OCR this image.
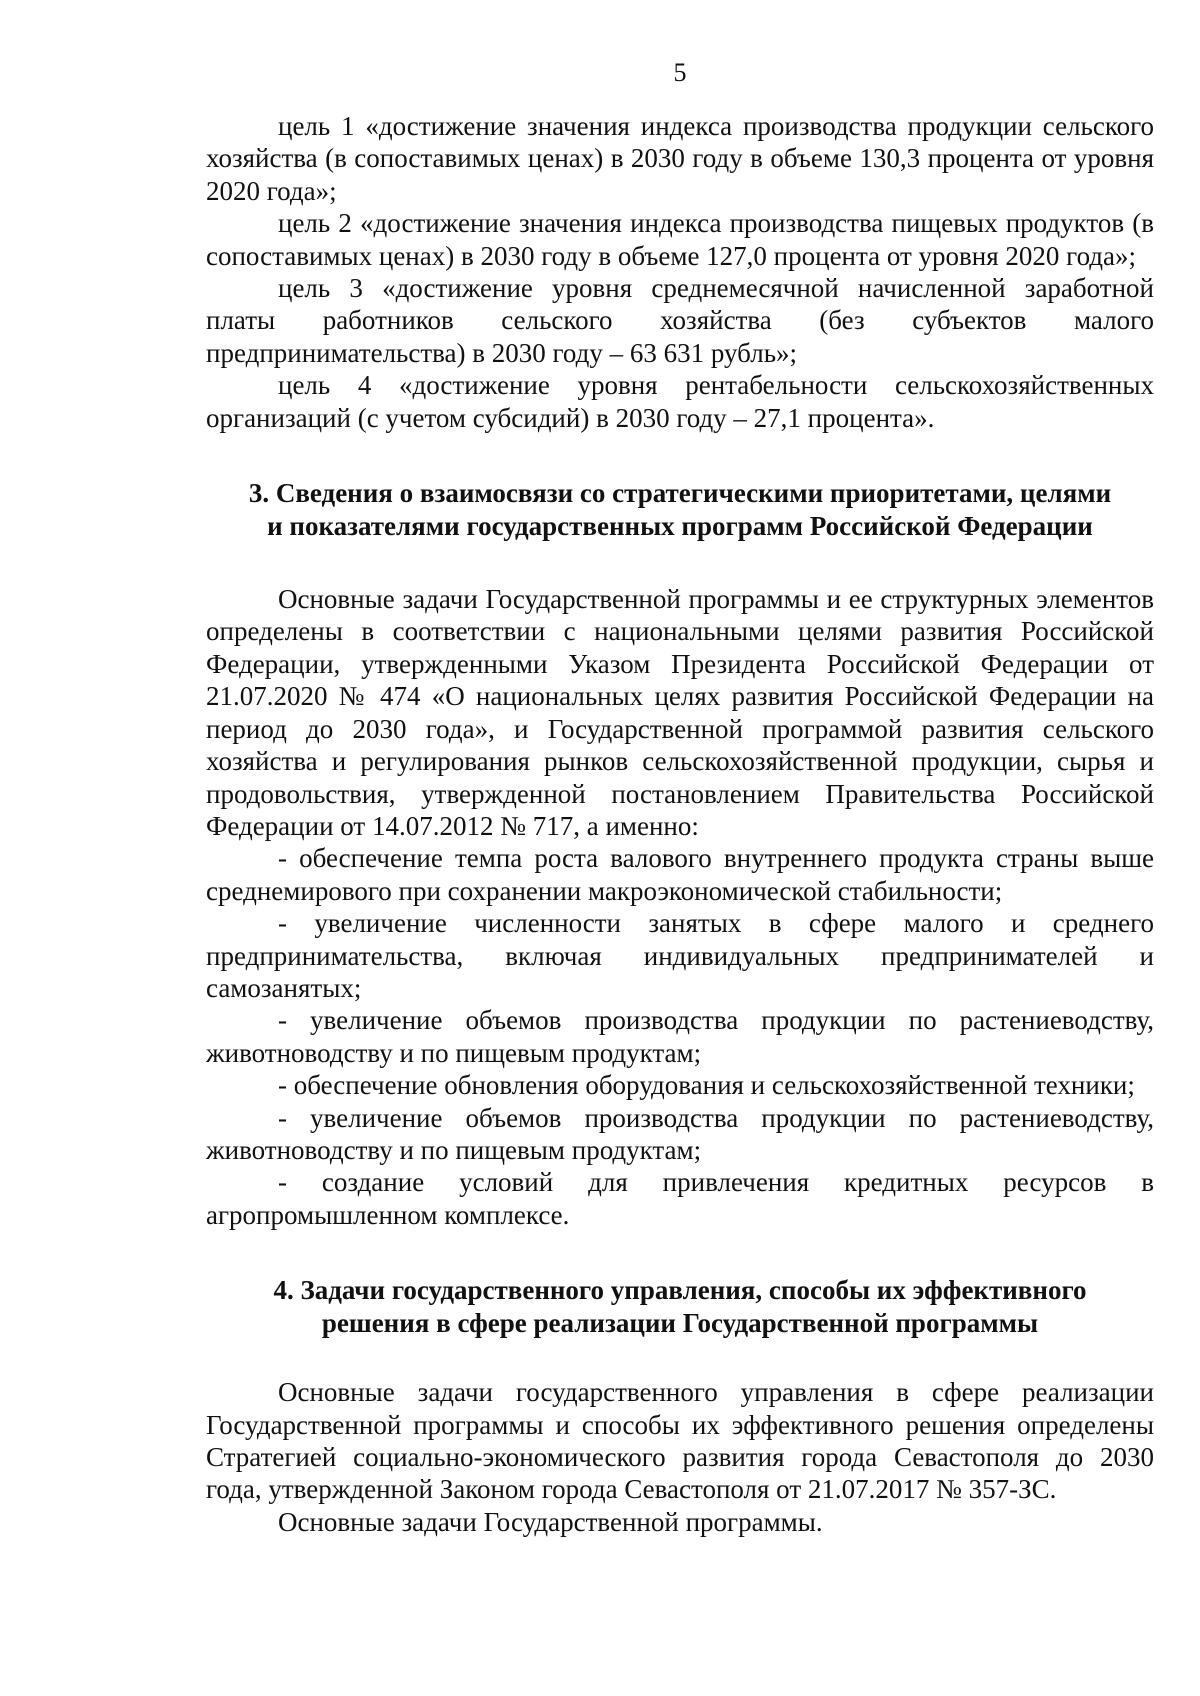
5

цель 1 «достижение значения индекса производства продукции сельского хозяйства (в сопоставимых ценах) в 2030 году в объеме 130,3 процента от уровня 2020 года»;

цель 2 «достижение значения индекса производства пищевых продуктов (в сопоставимых ценах) в 2030 году в объеме 127,0 процента от уровня 2020 года»;

цель 3 «достижение уровня среднемесячной начисленной заработной платы работников сельского хозяйства (без субъектов малого предпринимательства) в 2030 году – 63 631 рубль»;

цель 4 «достижение уровня рентабельности сельскохозяйственных организаций (с учетом субсидий) в 2030 году – 27,1 процента».

3. Сведения о взаимосвязи со стратегическими приоритетами, целями и показателями государственных программ Российской Федерации

Основные задачи Государственной программы и ее структурных элементов определены в соответствии с национальными целями развития Российской Федерации, утвержденными Указом Президента Российской Федерации от 21.07.2020 № 474 «О национальных целях развития Российской Федерации на период до 2030 года», и Государственной программой развития сельского хозяйства и регулирования рынков сельскохозяйственной продукции, сырья и продовольствия, утвержденной постановлением Правительства Российской Федерации от 14.07.2012 № 717, а именно:

- обеспечение темпа роста валового внутреннего продукта страны выше среднемирового при сохранении макроэкономической стабильности;

- увеличение численности занятых в сфере малого и среднего предпринимательства, включая индивидуальных предпринимателей и самозанятых;

- увеличение объемов производства продукции по растениеводству, животноводству и по пищевым продуктам;

- обеспечение обновления оборудования и сельскохозяйственной техники;

- увеличение объемов производства продукции по растениеводству, животноводству и по пищевым продуктам;

- создание условий для привлечения кредитных ресурсов в агропромышленном комплексе.

4. Задачи государственного управления, способы их эффективного решения в сфере реализации Государственной программы

Основные задачи государственного управления в сфере реализации Государственной программы и способы их эффективного решения определены Стратегией социально-экономического развития города Севастополя до 2030 года, утвержденной Законом города Севастополя от 21.07.2017 № 357-ЗС.

Основные задачи Государственной программы.
